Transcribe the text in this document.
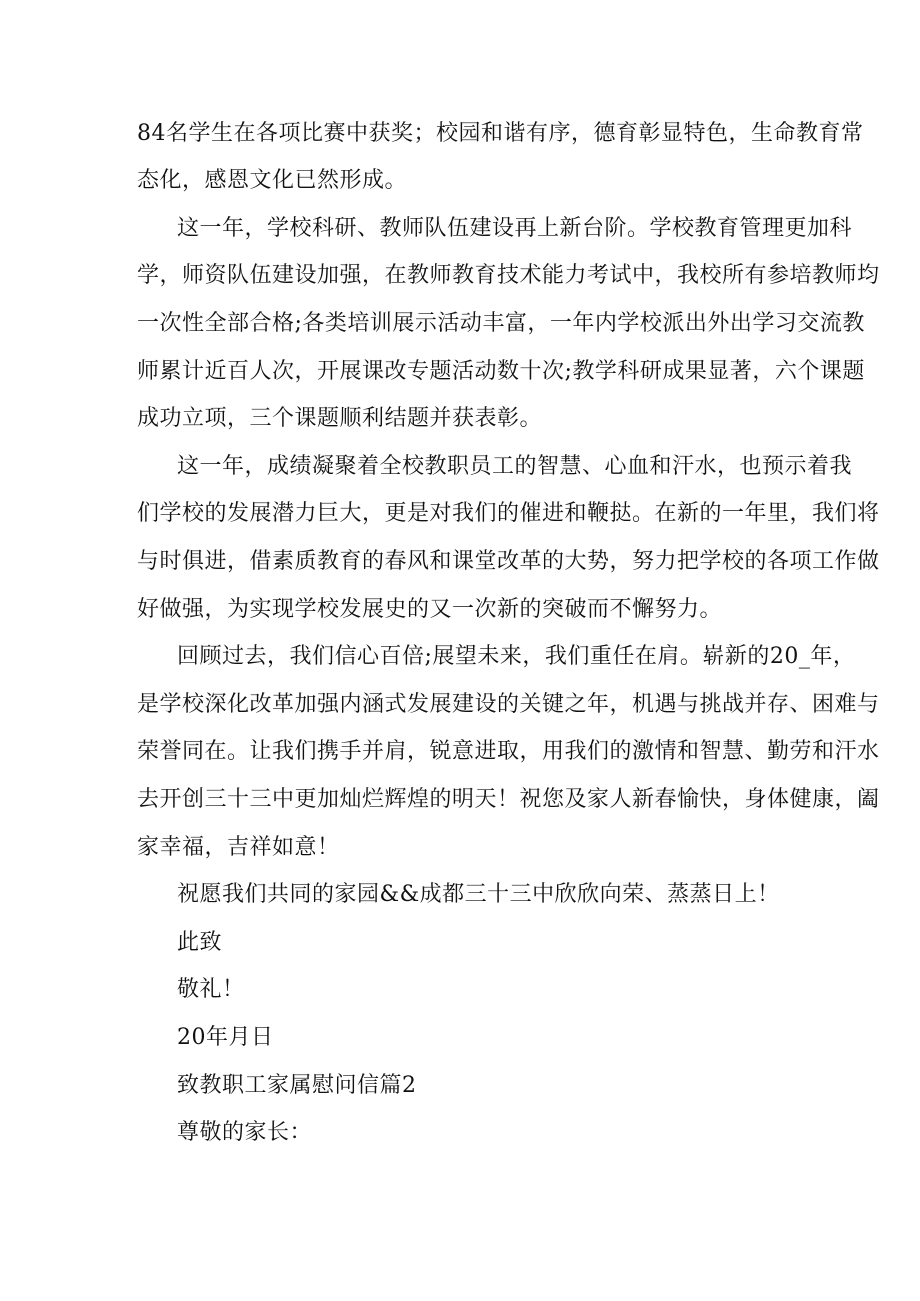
84名学生在各项比赛中获奖；校园和谐有序，德育彰显特色，生命教育常

态化，感恩文化已然形成。

这一年，学校科研、教师队伍建设再上新台阶。学校教育管理更加科

学，师资队伍建设加强，在教师教育技术能力考试中，我校所有参培教师均

一次性全部合格;各类培训展示活动丰富，一年内学校派出外出学习交流教

师累计近百人次，开展课改专题活动数十次;教学科研成果显著，六个课题

成功立项，三个课题顺利结题并获表彰。

这一年，成绩凝聚着全校教职员工的智慧、心血和汗水，也预示着我

们学校的发展潜力巨大，更是对我们的催进和鞭挞。在新的一年里，我们将

与时俱进，借素质教育的春风和课堂改革的大势，努力把学校的各项工作做

好做强，为实现学校发展史的又一次新的突破而不懈努力。

回顾过去，我们信心百倍;展望未来，我们重任在肩。崭新的20_年，

是学校深化改革加强内涵式发展建设的关键之年，机遇与挑战并存、困难与

荣誉同在。让我们携手并肩，锐意进取，用我们的激情和智慧、勤劳和汗水

去开创三十三中更加灿烂辉煌的明天！祝您及家人新春愉快，身体健康，阖

家幸福，吉祥如意！

祝愿我们共同的家园&&成都三十三中欣欣向荣、蒸蒸日上！

此致

敬礼！

20年月日

致教职工家属慰问信篇2

尊敬的家长：
